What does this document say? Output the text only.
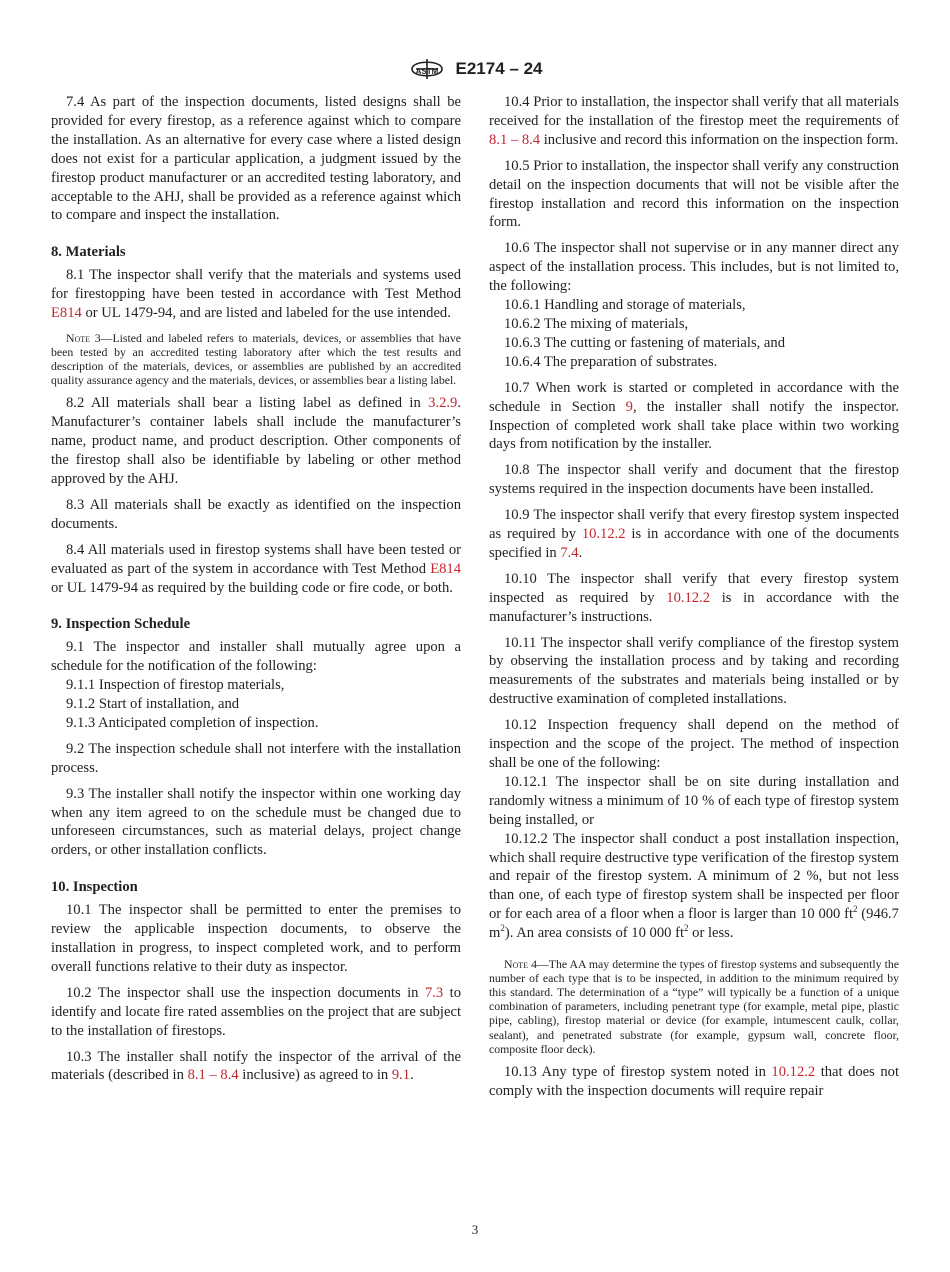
ASTM E2174 – 24

7.4 As part of the inspection documents, listed designs shall be provided for every firestop, as a reference against which to compare the installation. As an alternative for every case where a listed design does not exist for a particular application, a judgment issued by the firestop product manufacturer or an accredited testing laboratory, and acceptable to the AHJ, shall be provided as a reference against which to compare and inspect the installation.

8. Materials

8.1 The inspector shall verify that the materials and systems used for firestopping have been tested in accordance with Test Method E814 or UL 1479-94, and are listed and labeled for the use intended.

Note 3—Listed and labeled refers to materials, devices, or assemblies that have been tested by an accredited testing laboratory after which the test results and description of the materials, devices, or assemblies are published by an accredited quality assurance agency and the materials, devices, or assemblies bear a listing label.

8.2 All materials shall bear a listing label as defined in 3.2.9. Manufacturer’s container labels shall include the manufacturer’s name, product name, and product description. Other components of the firestop shall also be identifiable by labeling or other method approved by the AHJ.

8.3 All materials shall be exactly as identified on the inspection documents.

8.4 All materials used in firestop systems shall have been tested or evaluated as part of the system in accordance with Test Method E814 or UL 1479-94 as required by the building code or fire code, or both.

9. Inspection Schedule

9.1 The inspector and installer shall mutually agree upon a schedule for the notification of the following:

9.1.1 Inspection of firestop materials,

9.1.2 Start of installation, and

9.1.3 Anticipated completion of inspection.

9.2 The inspection schedule shall not interfere with the installation process.

9.3 The installer shall notify the inspector within one working day when any item agreed to on the schedule must be changed due to unforeseen circumstances, such as material delays, project change orders, or other installation conflicts.

10. Inspection

10.1 The inspector shall be permitted to enter the premises to review the applicable inspection documents, to observe the installation in progress, to inspect completed work, and to perform overall functions relative to their duty as inspector.

10.2 The inspector shall use the inspection documents in 7.3 to identify and locate fire rated assemblies on the project that are subject to the installation of firestops.

10.3 The installer shall notify the inspector of the arrival of the materials (described in 8.1 – 8.4 inclusive) as agreed to in 9.1.

10.4 Prior to installation, the inspector shall verify that all materials received for the installation of the firestop meet the requirements of 8.1 – 8.4 inclusive and record this information on the inspection form.

10.5 Prior to installation, the inspector shall verify any construction detail on the inspection documents that will not be visible after the firestop installation and record this information on the inspection form.

10.6 The inspector shall not supervise or in any manner direct any aspect of the installation process. This includes, but is not limited to, the following:

10.6.1 Handling and storage of materials,

10.6.2 The mixing of materials,

10.6.3 The cutting or fastening of materials, and

10.6.4 The preparation of substrates.

10.7 When work is started or completed in accordance with the schedule in Section 9, the installer shall notify the inspector. Inspection of completed work shall take place within two working days from notification by the installer.

10.8 The inspector shall verify and document that the firestop systems required in the inspection documents have been installed.

10.9 The inspector shall verify that every firestop system inspected as required by 10.12.2 is in accordance with one of the documents specified in 7.4.

10.10 The inspector shall verify that every firestop system inspected as required by 10.12.2 is in accordance with the manufacturer’s instructions.

10.11 The inspector shall verify compliance of the firestop system by observing the installation process and by taking and recording measurements of the substrates and materials being installed or by destructive examination of completed installations.

10.12 Inspection frequency shall depend on the method of inspection and the scope of the project. The method of inspection shall be one of the following:

10.12.1 The inspector shall be on site during installation and randomly witness a minimum of 10 % of each type of firestop system being installed, or

10.12.2 The inspector shall conduct a post installation inspection, which shall require destructive type verification of the firestop system and repair of the firestop system. A minimum of 2 %, but not less than one, of each type of firestop system shall be inspected per floor or for each area of a floor when a floor is larger than 10 000 $ft^2$ (946.7 $m^2$). An area consists of 10 000 $ft^2$ or less.

Note 4—The AA may determine the types of firestop systems and subsequently the number of each type that is to be inspected, in addition to the minimum required by this standard. The determination of a “type” will typically be a function of a unique combination of parameters, including penetrant type (for example, metal pipe, plastic pipe, cabling), firestop material or device (for example, intumescent caulk, collar, sealant), and penetrated substrate (for example, gypsum wall, concrete floor, composite floor deck).

10.13 Any type of firestop system noted in 10.12.2 that does not comply with the inspection documents will require repair

3
